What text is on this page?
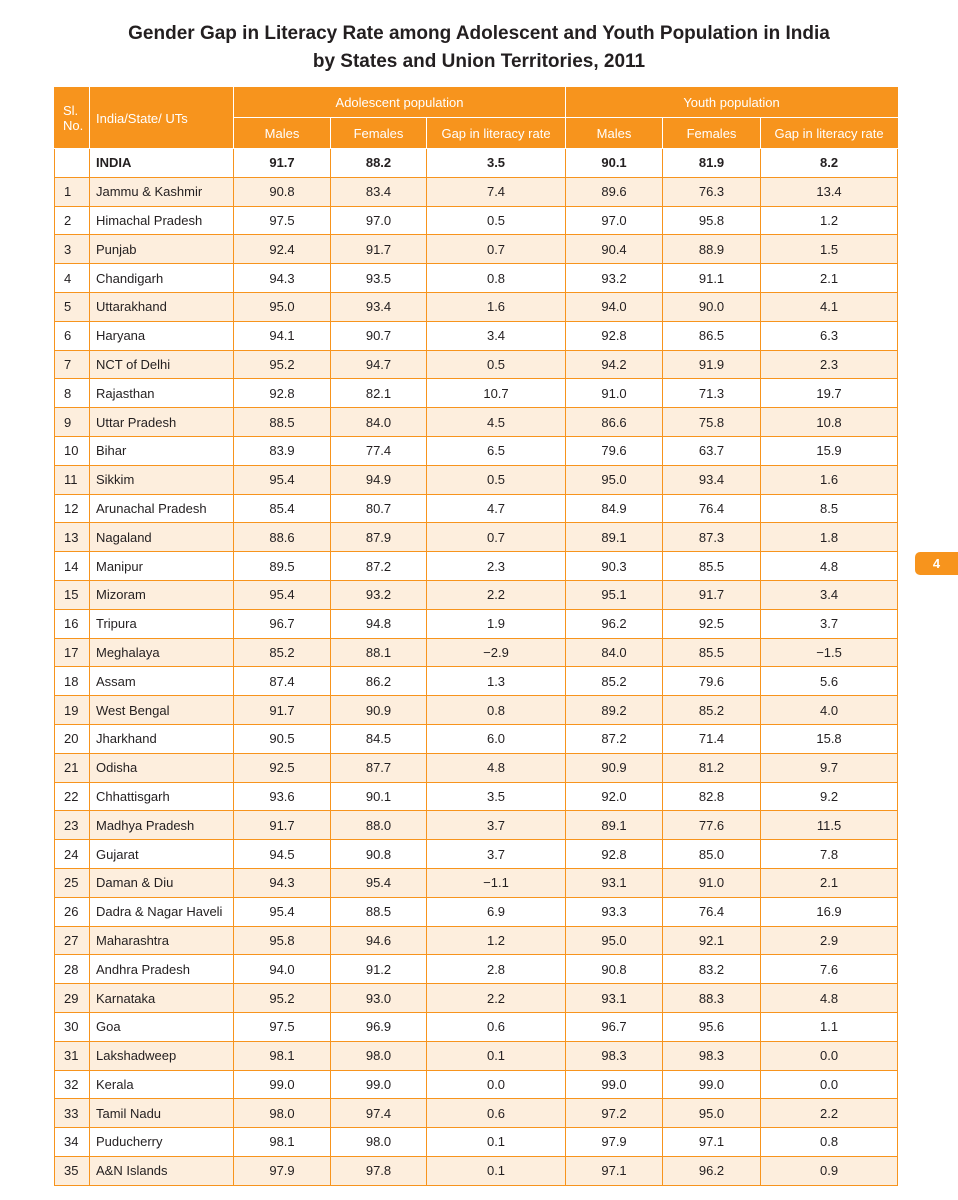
Gender Gap in Literacy Rate among Adolescent and Youth Population in India
by States and Union Territories, 2011
Sl. No.	India/State/ UTs	Adolescent population			Youth population		
		Males	Females	Gap in literacy rate	Males	Females	Gap in literacy rate
	INDIA	91.7	88.2	3.5	90.1	81.9	8.2
1	Jammu & Kashmir	90.8	83.4	7.4	89.6	76.3	13.4
2	Himachal Pradesh	97.5	97.0	0.5	97.0	95.8	1.2
3	Punjab	92.4	91.7	0.7	90.4	88.9	1.5
4	Chandigarh	94.3	93.5	0.8	93.2	91.1	2.1
5	Uttarakhand	95.0	93.4	1.6	94.0	90.0	4.1
6	Haryana	94.1	90.7	3.4	92.8	86.5	6.3
7	NCT of Delhi	95.2	94.7	0.5	94.2	91.9	2.3
8	Rajasthan	92.8	82.1	10.7	91.0	71.3	19.7
9	Uttar Pradesh	88.5	84.0	4.5	86.6	75.8	10.8
10	Bihar	83.9	77.4	6.5	79.6	63.7	15.9
11	Sikkim	95.4	94.9	0.5	95.0	93.4	1.6
12	Arunachal Pradesh	85.4	80.7	4.7	84.9	76.4	8.5
13	Nagaland	88.6	87.9	0.7	89.1	87.3	1.8
14	Manipur	89.5	87.2	2.3	90.3	85.5	4.8
15	Mizoram	95.4	93.2	2.2	95.1	91.7	3.4
16	Tripura	96.7	94.8	1.9	96.2	92.5	3.7
17	Meghalaya	85.2	88.1	−2.9	84.0	85.5	−1.5
18	Assam	87.4	86.2	1.3	85.2	79.6	5.6
19	West Bengal	91.7	90.9	0.8	89.2	85.2	4.0
20	Jharkhand	90.5	84.5	6.0	87.2	71.4	15.8
21	Odisha	92.5	87.7	4.8	90.9	81.2	9.7
22	Chhattisgarh	93.6	90.1	3.5	92.0	82.8	9.2
23	Madhya Pradesh	91.7	88.0	3.7	89.1	77.6	11.5
24	Gujarat	94.5	90.8	3.7	92.8	85.0	7.8
25	Daman & Diu	94.3	95.4	−1.1	93.1	91.0	2.1
26	Dadra & Nagar Haveli	95.4	88.5	6.9	93.3	76.4	16.9
27	Maharashtra	95.8	94.6	1.2	95.0	92.1	2.9
28	Andhra Pradesh	94.0	91.2	2.8	90.8	83.2	7.6
29	Karnataka	95.2	93.0	2.2	93.1	88.3	4.8
30	Goa	97.5	96.9	0.6	96.7	95.6	1.1
31	Lakshadweep	98.1	98.0	0.1	98.3	98.3	0.0
32	Kerala	99.0	99.0	0.0	99.0	99.0	0.0
33	Tamil Nadu	98.0	97.4	0.6	97.2	95.0	2.2
34	Puducherry	98.1	98.0	0.1	97.9	97.1	0.8
35	A&N Islands	97.9	97.8	0.1	97.1	96.2	0.9
4
